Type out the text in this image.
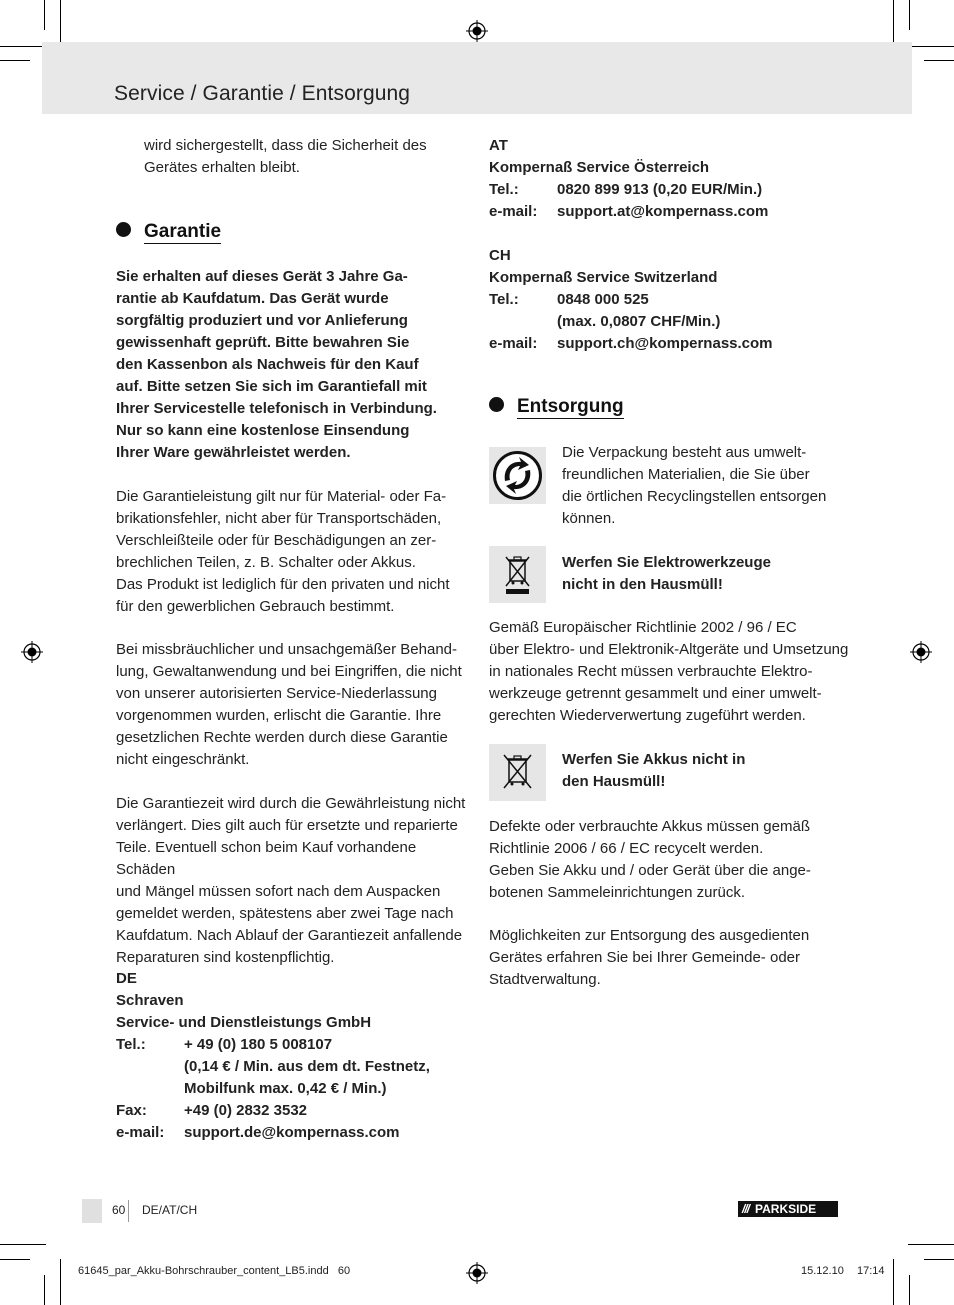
Service / Garantie / Entsorgung

wird sichergestellt, dass die Sicherheit des

Gerätes erhalten bleibt.

Garantie

Sie erhalten auf dieses Gerät 3 Jahre Ga-

rantie ab Kaufdatum. Das Gerät wurde

sorgfältig produziert und vor Anlieferung

gewissenhaft geprüft. Bitte bewahren Sie

den Kassenbon als Nachweis für den Kauf

auf. Bitte setzen Sie sich im Garantiefall mit

Ihrer Servicestelle telefonisch in Verbindung.

Nur so kann eine kostenlose Einsendung

Ihrer Ware gewährleistet werden.

Die Garantieleistung gilt nur für Material- oder Fa-

brikationsfehler, nicht aber für Transportschäden,

Verschleißteile oder für Beschädigungen an zer-

brechlichen Teilen, z. B. Schalter oder Akkus.

Das Produkt ist lediglich für den privaten und nicht

für den gewerblichen Gebrauch bestimmt.

Bei missbräuchlicher und unsachgemäßer Behand-

lung, Gewaltanwendung und bei Eingriffen, die nicht

von unserer autorisierten Service-Niederlassung

vorgenommen wurden, erlischt die Garantie. Ihre

gesetzlichen Rechte werden durch diese Garantie

nicht eingeschränkt.

Die Garantiezeit wird durch die Gewährleistung nicht

verlängert. Dies gilt auch für ersetzte und reparierte

Teile. Eventuell schon beim Kauf vorhandene Schäden

und Mängel müssen sofort nach dem Auspacken

gemeldet werden, spätestens aber zwei Tage nach

Kaufdatum. Nach Ablauf der Garantiezeit anfallende

Reparaturen sind kostenpflichtig.

DE

Schraven

Service- und Dienstleistungs GmbH

Tel.:	+ 49 (0) 180 5 008107
(0,14 € / Min. aus dem dt. Festnetz,
Mobilfunk max. 0,42 € / Min.)
Fax:	+49 (0) 2832 3532
e-mail:	support.de@kompernass.com

AT

Kompernaß Service Österreich

Tel.:	0820 899 913 (0,20 EUR/Min.)
e-mail:	support.at@kompernass.com

CH

Kompernaß Service Switzerland

Tel.:	0848 000 525
(max. 0,0807 CHF/Min.)
e-mail:	support.ch@kompernass.com
Entsorgung

Die Verpackung besteht aus umwelt-

freundlichen Materialien, die Sie über

die örtlichen Recyclingstellen entsorgen

können.

Werfen Sie Elektrowerkzeuge

nicht in den Hausmüll!

Gemäß Europäischer Richtlinie 2002 / 96 / EC

über Elektro- und Elektronik-Altgeräte und Umsetzung

in nationales Recht müssen verbrauchte Elektro-

werkzeuge getrennt gesammelt und einer umwelt-

gerechten Wiederverwertung zugeführt werden.

Werfen Sie Akkus nicht in

den Hausmüll!

Defekte oder verbrauchte Akkus müssen gemäß

Richtlinie 2006 / 66 / EC recycelt werden.

Geben Sie Akku und / oder Gerät über die ange-

botenen Sammeleinrichtungen zurück.

Möglichkeiten zur Entsorgung des ausgedienten

Gerätes erfahren Sie bei Ihrer Gemeinde- oder

Stadtverwaltung.

60 DE/AT/CH	/// PARKSIDE
61645_par_Akku-Bohrschrauber_content_LB5.indd   60	15.12.10 17:14
